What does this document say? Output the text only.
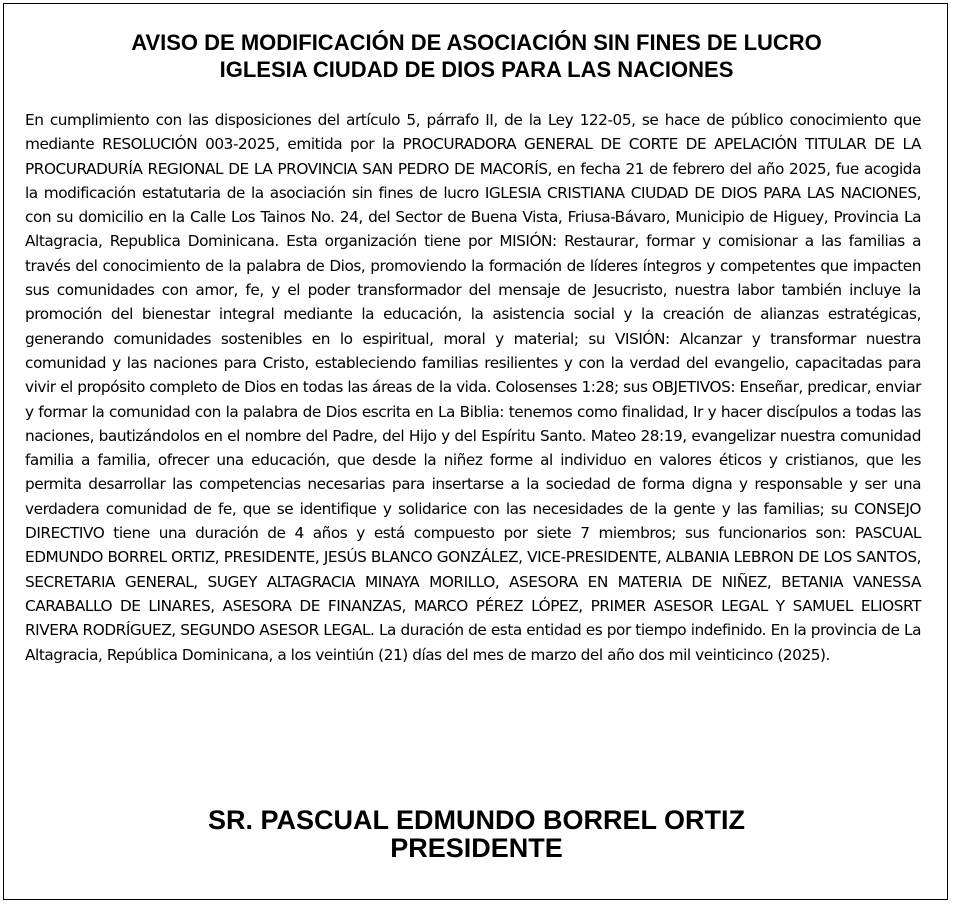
AVISO DE MODIFICACIÓN DE ASOCIACIÓN SIN FINES DE LUCRO
IGLESIA CIUDAD DE DIOS PARA LAS NACIONES
En cumplimiento con las disposiciones del artículo 5, párrafo II, de la Ley 122-05, se hace de público conocimiento que mediante RESOLUCIÓN 003-2025, emitida por la PROCURADORA GENERAL DE CORTE DE APELACIÓN TITULAR DE LA PROCURADURÍA REGIONAL DE LA PROVINCIA SAN PEDRO DE MACORÍS, en fecha 21 de febrero del año 2025, fue acogida la modificación estatutaria de la asociación sin fines de lucro IGLESIA CRISTIANA CIUDAD DE DIOS PARA LAS NACIONES, con su domicilio en la Calle Los Tainos No. 24, del Sector de Buena Vista, Friusa-Bávaro, Municipio de Higuey, Provincia La Altagracia, Republica Dominicana. Esta organización tiene por MISIÓN: Restaurar, formar y comisionar a las familias a través del conocimiento de la palabra de Dios, promoviendo la formación de líderes íntegros y competentes que impacten sus comunidades con amor, fe, y el poder transformador del mensaje de Jesucristo, nuestra labor también incluye la promoción del bienestar integral mediante la educación, la asistencia social y la creación de alianzas estratégicas, generando comunidades sostenibles en lo espiritual, moral y material; su VISIÓN: Alcanzar y transformar nuestra comunidad y las naciones para Cristo, estableciendo familias resilientes y con la verdad del evangelio, capacitadas para vivir el propósito completo de Dios en todas las áreas de la vida. Colosenses 1:28; sus OBJETIVOS: Enseñar, predicar, enviar y formar la comunidad con la palabra de Dios escrita en La Biblia: tenemos como finalidad, Ir y hacer discípulos a todas las naciones, bautizándolos en el nombre del Padre, del Hijo y del Espíritu Santo. Mateo 28:19, evangelizar nuestra comunidad familia a familia, ofrecer una educación, que desde la niñez forme al individuo en valores éticos y cristianos, que les permita desarrollar las competencias necesarias para insertarse a la sociedad de forma digna y responsable y ser una verdadera comunidad de fe, que se identifique y solidarice con las necesidades de la gente y las familias; su CONSEJO DIRECTIVO tiene una duración de 4 años y está compuesto por siete 7 miembros; sus funcionarios son: PASCUAL EDMUNDO BORREL ORTIZ, PRESIDENTE, JESÚS BLANCO GONZÁLEZ, VICE-PRESIDENTE, ALBANIA LEBRON DE LOS SANTOS, SECRETARIA GENERAL, SUGEY ALTAGRACIA MINAYA MORILLO, ASESORA EN MATERIA DE NIÑEZ, BETANIA VANESSA CARABALLO DE LINARES, ASESORA DE FINANZAS, MARCO PÉREZ LÓPEZ, PRIMER ASESOR LEGAL Y SAMUEL ELIOSRT RIVERA RODRÍGUEZ, SEGUNDO ASESOR LEGAL. La duración de esta entidad es por tiempo indefinido. En la provincia de La Altagracia, República Dominicana, a los veintiún (21) días del mes de marzo del año dos mil veinticinco (2025).
SR. PASCUAL EDMUNDO BORREL ORTIZ
PRESIDENTE
